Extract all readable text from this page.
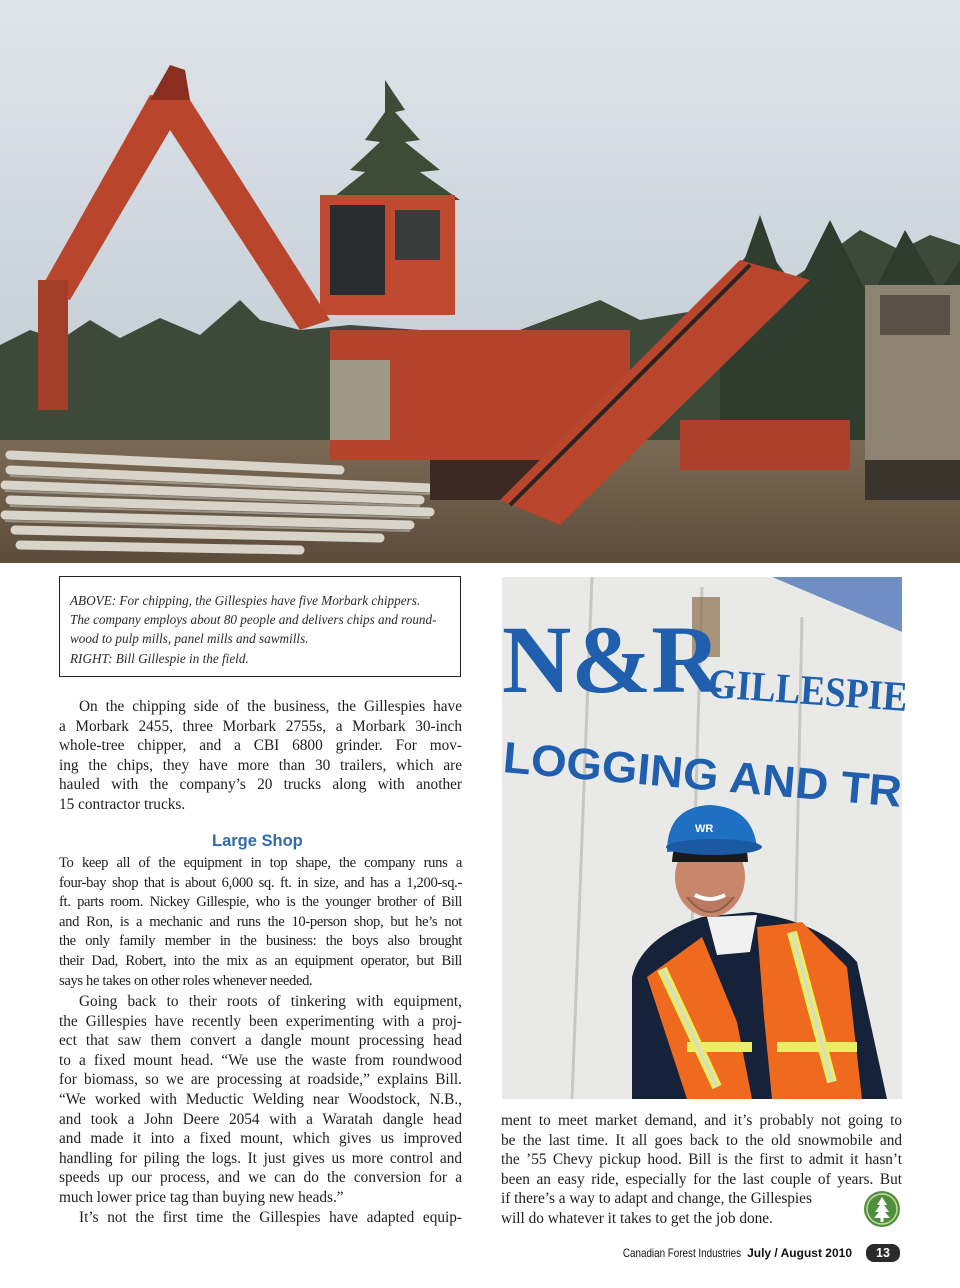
ABOVE: For chipping, the Gillespies have five Morbark chippers.
The company employs about 80 people and delivers chips and round-
wood to pulp mills, panel mills and sawmills.
RIGHT: Bill Gillespie in the field.
On the chipping side of the business, the Gillespies have
a Morbark 2455, three Morbark 2755s, a Morbark 30-inch
whole-tree chipper, and a CBI 6800 grinder. For mov-
ing the chips, they have more than 30 trailers, which are
hauled with the company’s 20 trucks along with another
15 contractor trucks.
Large Shop
To keep all of the equipment in top shape, the company runs a
four-bay shop that is about 6,000 sq. ft. in size, and has a 1,200-sq.-
ft. parts room. Nickey Gillespie, who is the younger brother of Bill
and Ron, is a mechanic and runs the 10-person shop, but he’s not
the only family member in the business: the boys also brought
their Dad, Robert, into the mix as an equipment operator, but Bill
says he takes on other roles whenever needed.
Going back to their roots of tinkering with equipment,
the Gillespies have recently been experimenting with a proj-
ect that saw them convert a dangle mount processing head
to a fixed mount head. “We use the waste from roundwood
for biomass, so we are processing at roadside,” explains Bill.
“We worked with Meductic Welding near Woodstock, N.B.,
and took a John Deere 2054 with a Waratah dangle head
and made it into a fixed mount, which gives us improved
handling for piling the logs. It just gives us more control and
speeds up our process, and we can do the conversion for a
much lower price tag than buying new heads.”
It’s not the first time the Gillespies have adapted equip-
N&R
GILLESPIE
LOGGING AND TR
WR
ment to meet market demand, and it’s probably not going to
be the last time. It all goes back to the old snowmobile and
the ’55 Chevy pickup hood. Bill is the first to admit it hasn’t
been an easy ride, especially for the last couple of years. But
if there’s a way to adapt and change, the Gillespies
will do whatever it takes to get the job done.
Canadian Forest Industries July / August 2010	13
